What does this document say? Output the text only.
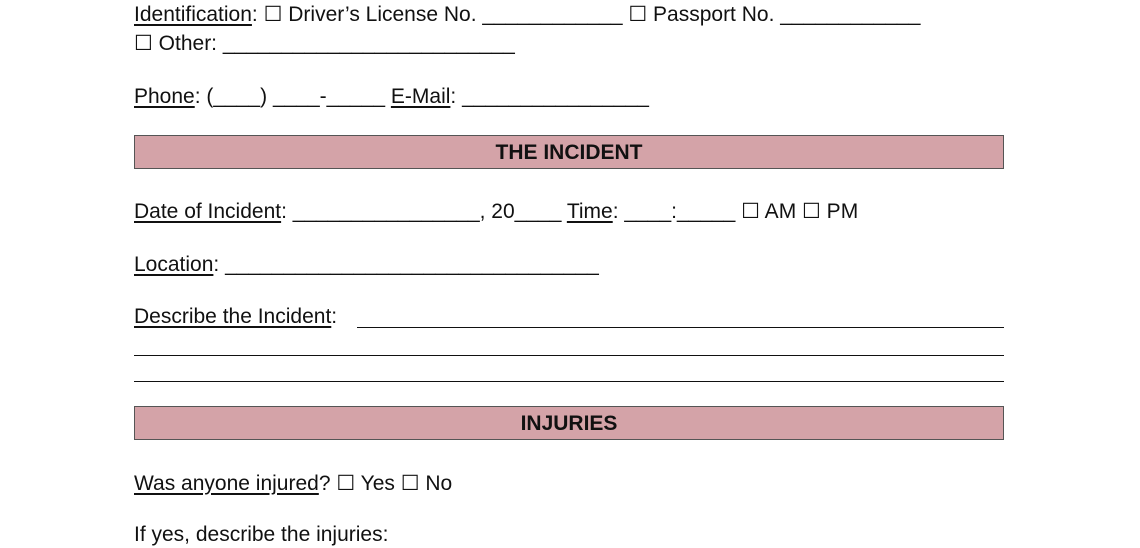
Identification: ☐ Driver’s License No. ____________ ☐ Passport No. ____________
☐ Other: _________________________
Phone: (____) ____-_____ E-Mail: ________________
THE INCIDENT
Date of Incident: ________________, 20____ Time: ____:_____ ☐ AM ☐ PM
Location: ________________________________
Describe the Incident:
INJURIES
Was anyone injured? ☐ Yes ☐ No
If yes, describe the injuries:
